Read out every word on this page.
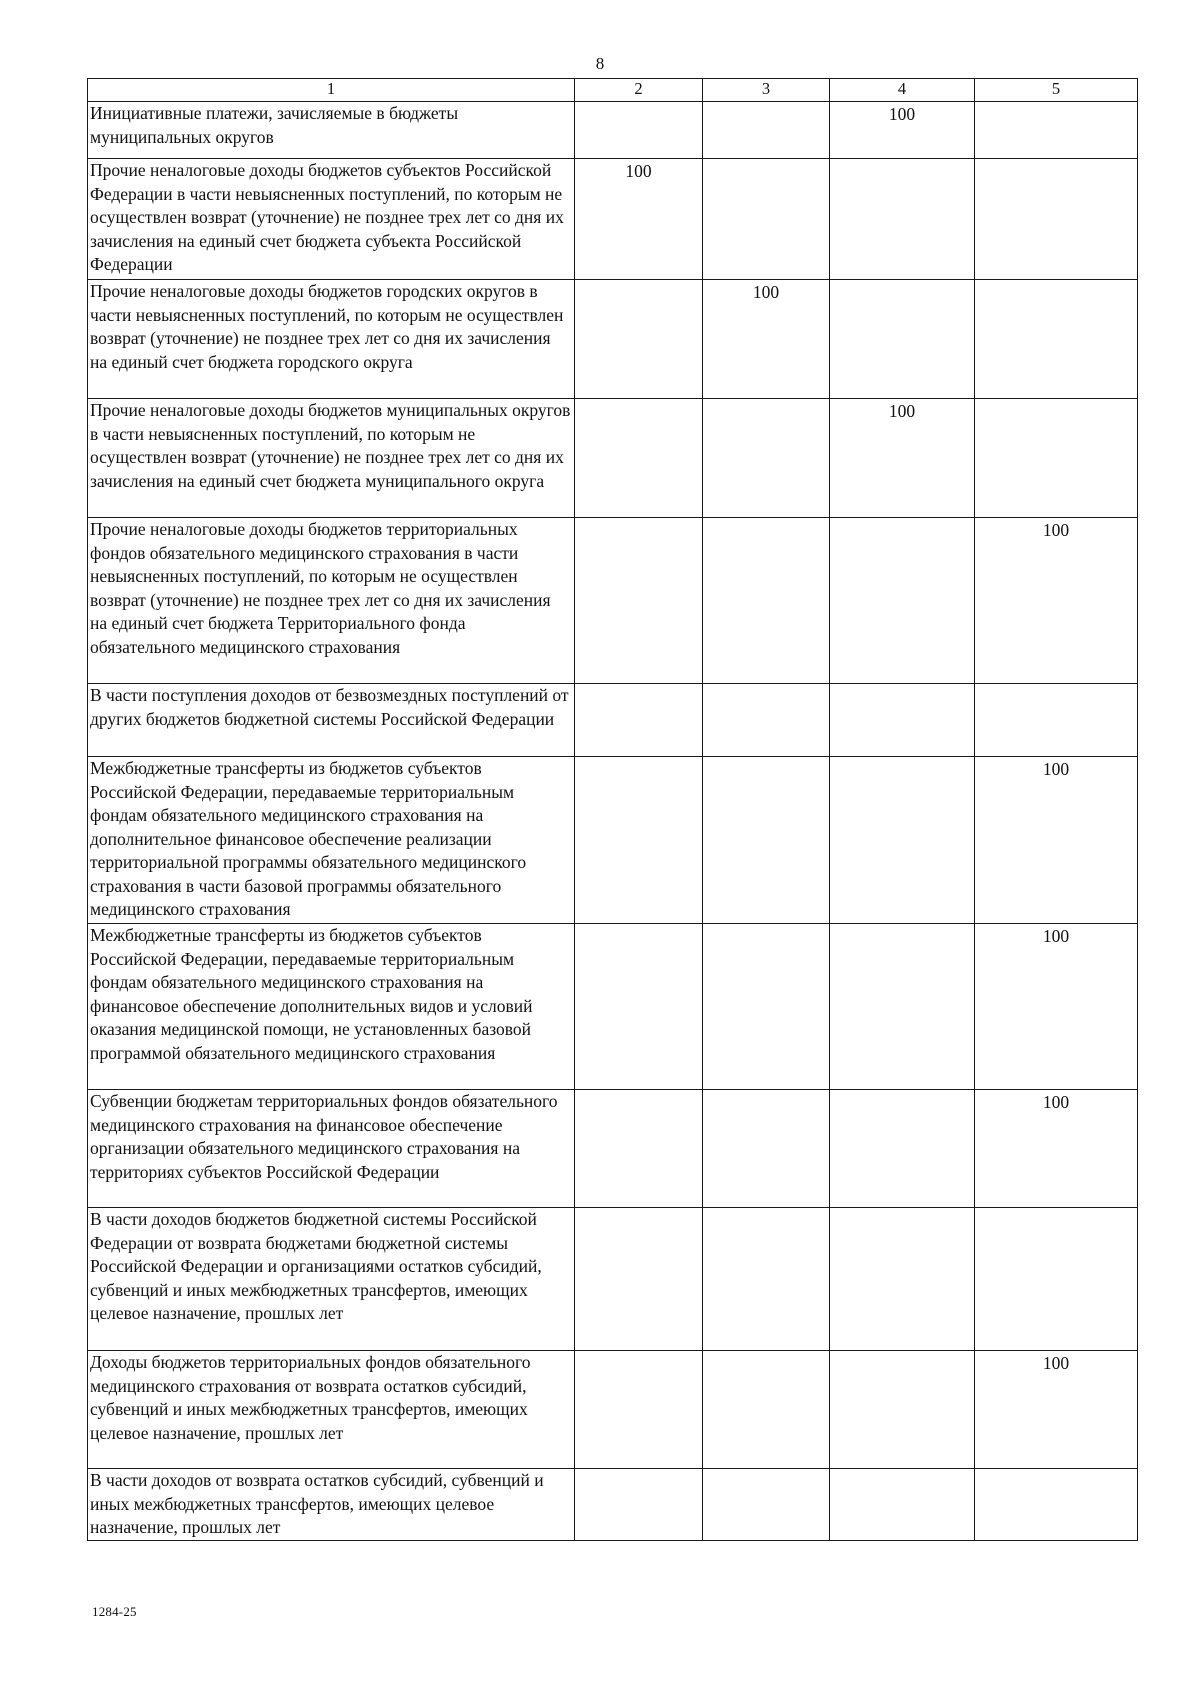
8
1	2	3	4	5
Инициативные платежи, зачисляемые в бюджеты муниципальных округов			100	
Прочие неналоговые доходы бюджетов субъектов Российской Федерации в части невыясненных поступлений, по которым не осуществлен возврат (уточнение) не позднее трех лет со дня их зачисления на единый счет бюджета субъекта Российской Федерации	100			
Прочие неналоговые доходы бюджетов городских округов в части невыясненных поступлений, по которым не осуществлен возврат (уточнение) не позднее трех лет со дня их зачисления на единый счет бюджета городского округа		100		
Прочие неналоговые доходы бюджетов муниципальных округов в части невыясненных поступлений, по которым не осуществлен возврат (уточнение) не позднее трех лет со дня их зачисления на единый счет бюджета муниципального округа			100	
Прочие неналоговые доходы бюджетов территориальных фондов обязательного медицинского страхования в части невыясненных поступлений, по которым не осуществлен возврат (уточнение) не позднее трех лет со дня их зачисления на единый счет бюджета Территориального фонда обязательного медицинского страхования				100
В части поступления доходов от безвозмездных поступлений от других бюджетов бюджетной системы Российской Федерации				
Межбюджетные трансферты из бюджетов субъектов Российской Федерации, передаваемые территориальным фондам обязательного медицинского страхования на дополнительное финансовое обеспечение реализации территориальной программы обязательного медицинского страхования в части базовой программы обязательного медицинского страхования				100
Межбюджетные трансферты из бюджетов субъектов Российской Федерации, передаваемые территориальным фондам обязательного медицинского страхования на финансовое обеспечение дополнительных видов и условий оказания медицинской помощи, не установленных базовой программой обязательного медицинского страхования				100
Субвенции бюджетам территориальных фондов обязательного медицинского страхования на финансовое обеспечение организации обязательного медицинского страхования на территориях субъектов Российской Федерации				100
В части доходов бюджетов бюджетной системы Российской Федерации от возврата бюджетами бюджетной системы Российской Федерации и организациями остатков субсидий, субвенций и иных межбюджетных трансфертов, имеющих целевое назначение, прошлых лет				
Доходы бюджетов территориальных фондов обязательного медицинского страхования от возврата остатков субсидий, субвенций и иных межбюджетных трансфертов, имеющих целевое назначение, прошлых лет				100
В части доходов от возврата остатков субсидий, субвенций и иных межбюджетных трансфертов, имеющих целевое назначение, прошлых лет				
1284-25
